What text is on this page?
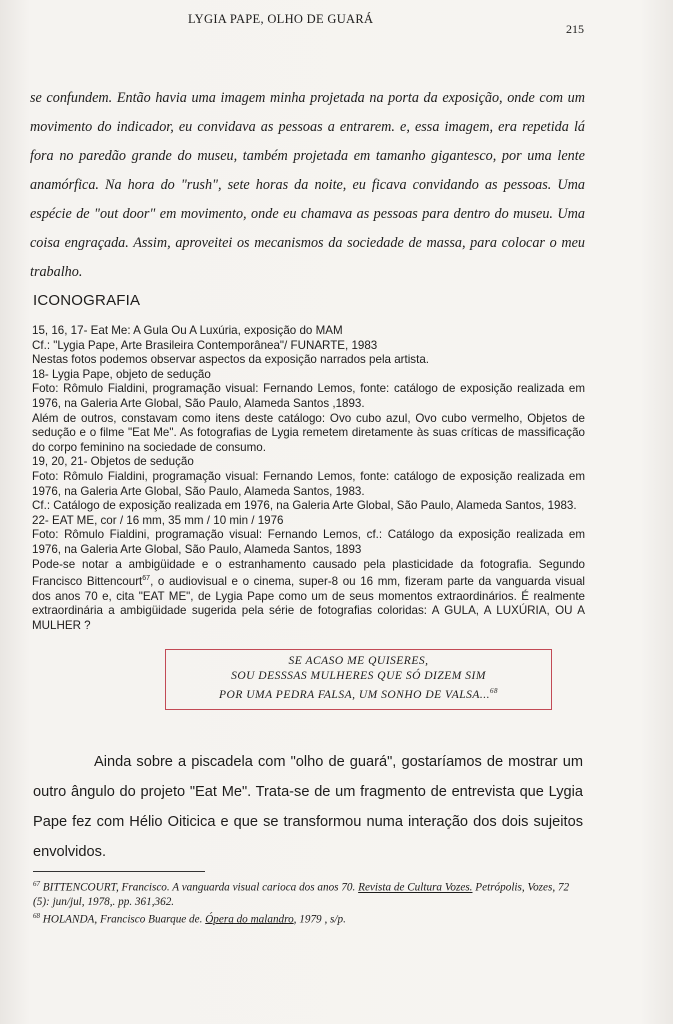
LYGIA PAPE, OLHO DE GUARÁ
215
se confundem. Então havia uma imagem minha projetada na porta da exposição, onde com um movimento do indicador, eu convidava as pessoas a entrarem. e, essa imagem, era repetida lá fora no paredão grande do museu, também projetada em tamanho gigantesco, por uma lente anamórfica. Na hora do "rush", sete horas da noite, eu ficava convidando as pessoas. Uma espécie de "out door" em movimento, onde eu chamava as pessoas para dentro do museu. Uma coisa engraçada. Assim, aproveitei os mecanismos da sociedade de massa, para colocar o meu trabalho.
ICONOGRAFIA
15, 16, 17- Eat Me: A Gula Ou A Luxúria, exposição do MAM
Cf.: "Lygia Pape, Arte Brasileira Contemporânea"/ FUNARTE, 1983
Nestas fotos podemos observar aspectos da exposição narrados pela artista.
18- Lygia Pape, objeto de sedução
Foto: Rômulo Fialdini, programação visual: Fernando Lemos, fonte: catálogo de exposição realizada em 1976, na Galeria Arte Global, São Paulo, Alameda Santos ,1893.
Além de outros, constavam como itens deste catálogo: Ovo cubo azul, Ovo cubo vermelho, Objetos de sedução e o filme "Eat Me". As fotografias de Lygia remetem diretamente às suas críticas de massificação do corpo feminino na sociedade de consumo.
19, 20, 21- Objetos de sedução
Foto: Rômulo Fialdini, programação visual: Fernando Lemos, fonte: catálogo de exposição realizada em 1976, na Galeria Arte Global, São Paulo, Alameda Santos, 1983.
Cf.: Catálogo de exposição realizada em 1976, na Galeria Arte Global, São Paulo, Alameda Santos, 1983.
22- EAT ME, cor / 16 mm, 35 mm / 10 min / 1976
Foto: Rômulo Fialdini, programação visual: Fernando Lemos, cf.: Catálogo da exposição realizada em 1976, na Galeria Arte Global, São Paulo, Alameda Santos, 1893
Pode-se notar a ambigüidade e o estranhamento causado pela plasticidade da fotografia. Segundo Francisco Bittencourt$^{67}$, o audiovisual e o cinema, super-8 ou 16 mm, fizeram parte da vanguarda visual dos anos 70 e, cita "EAT ME", de Lygia Pape como um de seus momentos extraordinários. É realmente extraordinária a ambigüidade sugerida pela série de fotografias coloridas: A GULA, A LUXÚRIA, OU A MULHER ?
SE ACASO ME QUISERES,
SOU DESSSAS MULHERES QUE SÓ DIZEM SIM
POR UMA PEDRA FALSA, UM SONHO DE VALSA...$^{68}$
Ainda sobre a piscadela com "olho de guará", gostaríamos de mostrar um outro ângulo do projeto "Eat Me". Trata-se de um fragmento de entrevista que Lygia Pape fez com Hélio Oiticica e que se transformou numa interação dos dois sujeitos envolvidos.
$^{67}$ BITTENCOURT, Francisco. A vanguarda visual carioca dos anos 70. Revista de Cultura Vozes. Petrópolis, Vozes, 72 (5): jun/jul, 1978,. pp. 361,362.
$^{68}$ HOLANDA, Francisco Buarque de. Ópera do malandro, 1979 , s/p.
